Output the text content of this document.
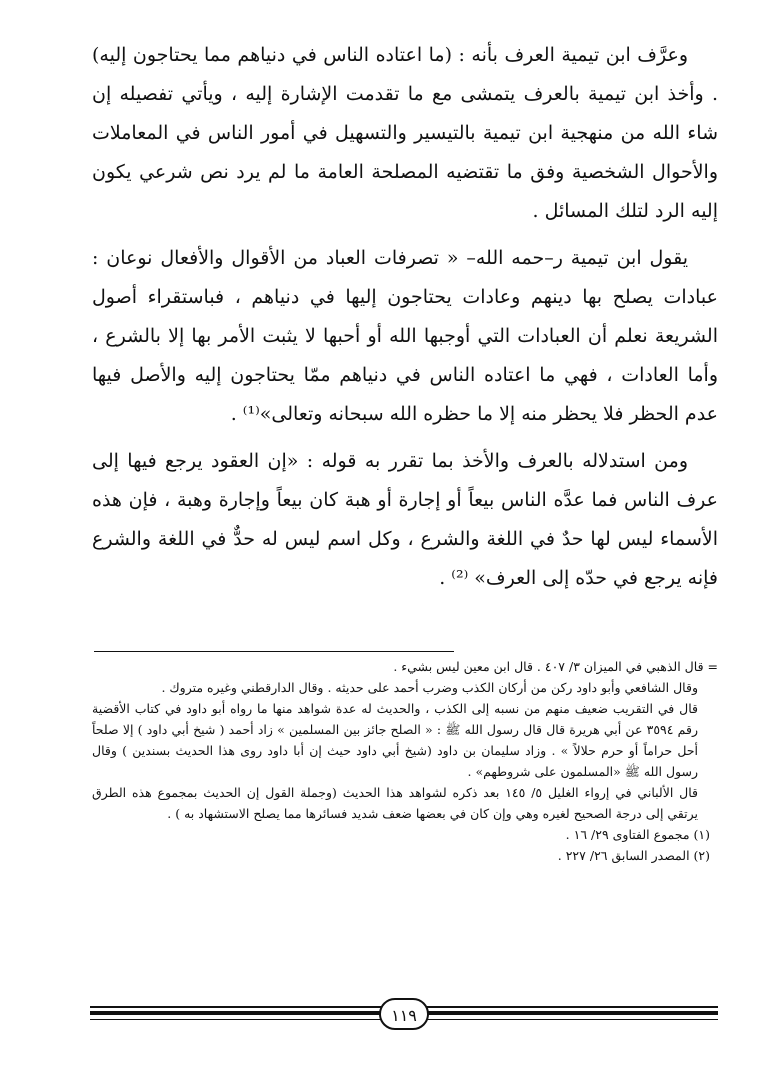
وعرَّف ابن تيمية العرف بأنه : (ما اعتاده الناس في دنياهم مما يحتاجون إليه) . وأخذ ابن تيمية بالعرف يتمشى مع ما تقدمت الإشارة إليه ، ويأتي تفصيله إن شاء الله من منهجية ابن تيمية بالتيسير والتسهيل في أمور الناس في المعاملات والأحوال الشخصية وفق ما تقتضيه المصلحة العامة ما لم يرد نص شرعي يكون إليه الرد لتلك المسائل .

يقول ابن تيمية ر–حمه الله– « تصرفات العباد من الأقوال والأفعال نوعان : عبادات يصلح بها دينهم وعادات يحتاجون إليها في دنياهم ، فباستقراء أصول الشريعة نعلم أن العبادات التي أوجبها الله أو أحبها لا يثبت الأمر بها إلا بالشرع ، وأما العادات ، فهي ما اعتاده الناس في دنياهم ممّا يحتاجون إليه والأصل فيها عدم الحظر فلا يحظر منه إلا ما حظره الله سبحانه وتعالى»⁽¹⁾ .

ومن استدلاله بالعرف والأخذ بما تقرر به قوله : «إن العقود يرجع فيها إلى عرف الناس فما عدَّه الناس بيعاً أو إجارة أو هبة كان بيعاً وإجارة وهبة ، فإن هذه الأسماء ليس لها حدٌ في اللغة والشرع ، وكل اسم ليس له حدٌّ في اللغة والشرع فإنه يرجع في حدّه إلى العرف» ⁽²⁾ .

= قال الذهبي في الميزان ٣/ ٤٠٧ . قال ابن معين ليس بشيء .

وقال الشافعي وأبو داود ركن من أركان الكذب وضرب أحمد على حديثه . وقال الدارقطني وغيره متروك .

قال في التقريب ضعيف منهم من نسبه إلى الكذب ، والحديث له عدة شواهد منها ما رواه أبو داود في كتاب الأقضية رقم ٣٥٩٤ عن أبي هريرة قال قال رسول الله ﷺ : « الصلح جائز بين المسلمين » زاد أحمد ( شيخ أبي داود ) إلا صلحاً أحل حراماً أو حرم حلالاً » . وزاد سليمان بن داود (شيخ أبي داود حيث إن أبا داود روى هذا الحديث بسندين ) وقال رسول الله ﷺ «المسلمون على شروطهم» .

قال الألباني في إرواء الغليل ٥/ ١٤٥ بعد ذكره لشواهد هذا الحديث (وجملة القول إن الحديث بمجموع هذه الطرق يرتقي إلى درجة الصحيح لغيره وهي وإن كان في بعضها ضعف شديد فسائرها مما يصلح الاستشهاد به ) .

(١) مجموع الفتاوى ٢٩/ ١٦ .

(٢) المصدر السابق ٢٦/ ٢٢٧ .

١١٩
